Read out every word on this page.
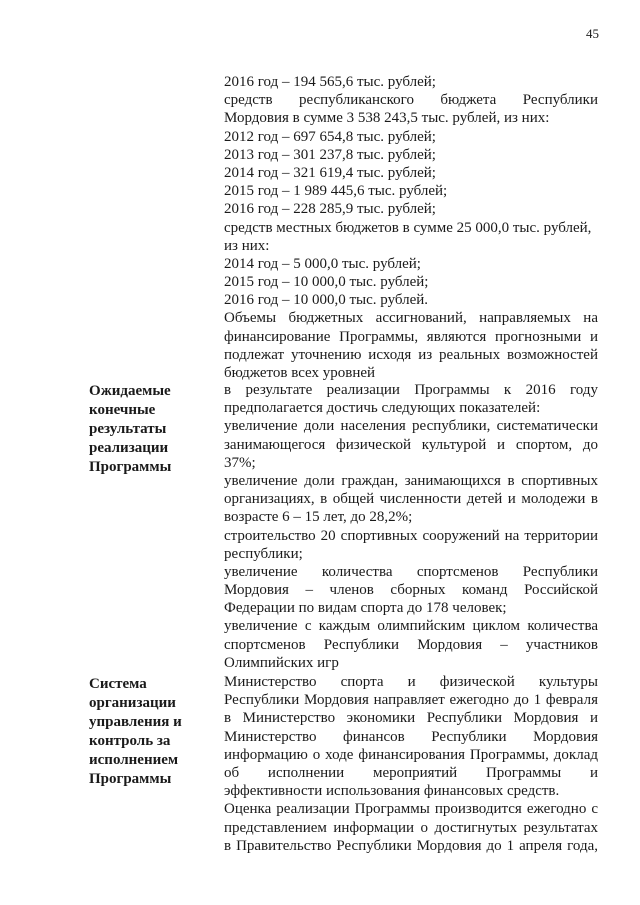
45
2016 год – 194 565,6 тыс. рублей;
средств республиканского бюджета Республики
Мордовия в сумме 3 538 243,5 тыс. рублей, из них:
2012 год – 697 654,8 тыс. рублей;
2013 год – 301 237,8 тыс. рублей;
2014 год – 321 619,4 тыс. рублей;
2015 год – 1 989 445,6 тыс. рублей;
2016 год – 228 285,9 тыс. рублей;
средств местных бюджетов в сумме 25 000,0 тыс. рублей,
из них:
2014 год – 5 000,0 тыс. рублей;
2015 год – 10 000,0 тыс. рублей;
2016 год – 10 000,0 тыс. рублей.
Объемы бюджетных ассигнований, направляемых на
финансирование Программы, являются прогнозными и
подлежат уточнению исходя из реальных возможностей
бюджетов всех уровней
Ожидаемые
конечные
результаты
реализации
Программы
в результате реализации Программы к 2016 году
предполагается достичь следующих показателей:
увеличение доли населения республики, систематически
занимающегося физической культурой и спортом, до
37%;
увеличение доли граждан, занимающихся в спортивных
организациях, в общей численности детей и молодежи в
возрасте 6 – 15 лет, до 28,2%;
строительство 20 спортивных сооружений на территории
республики;
увеличение количества спортсменов Республики
Мордовия – членов сборных команд Российской
Федерации по видам спорта до 178 человек;
увеличение с каждым олимпийским циклом количества
спортсменов Республики Мордовия – участников
Олимпийских игр
Система
организации
управления и
контроль за
исполнением
Программы
Министерство спорта и физической культуры
Республики Мордовия направляет ежегодно до 1 февраля
в Министерство экономики Республики Мордовия и
Министерство финансов Республики Мордовия
информацию о ходе финансирования Программы, доклад
об исполнении мероприятий Программы и
эффективности использования финансовых средств.
Оценка реализации Программы производится ежегодно с
представлением информации о достигнутых результатах
в Правительство Республики Мордовия до 1 апреля года,
